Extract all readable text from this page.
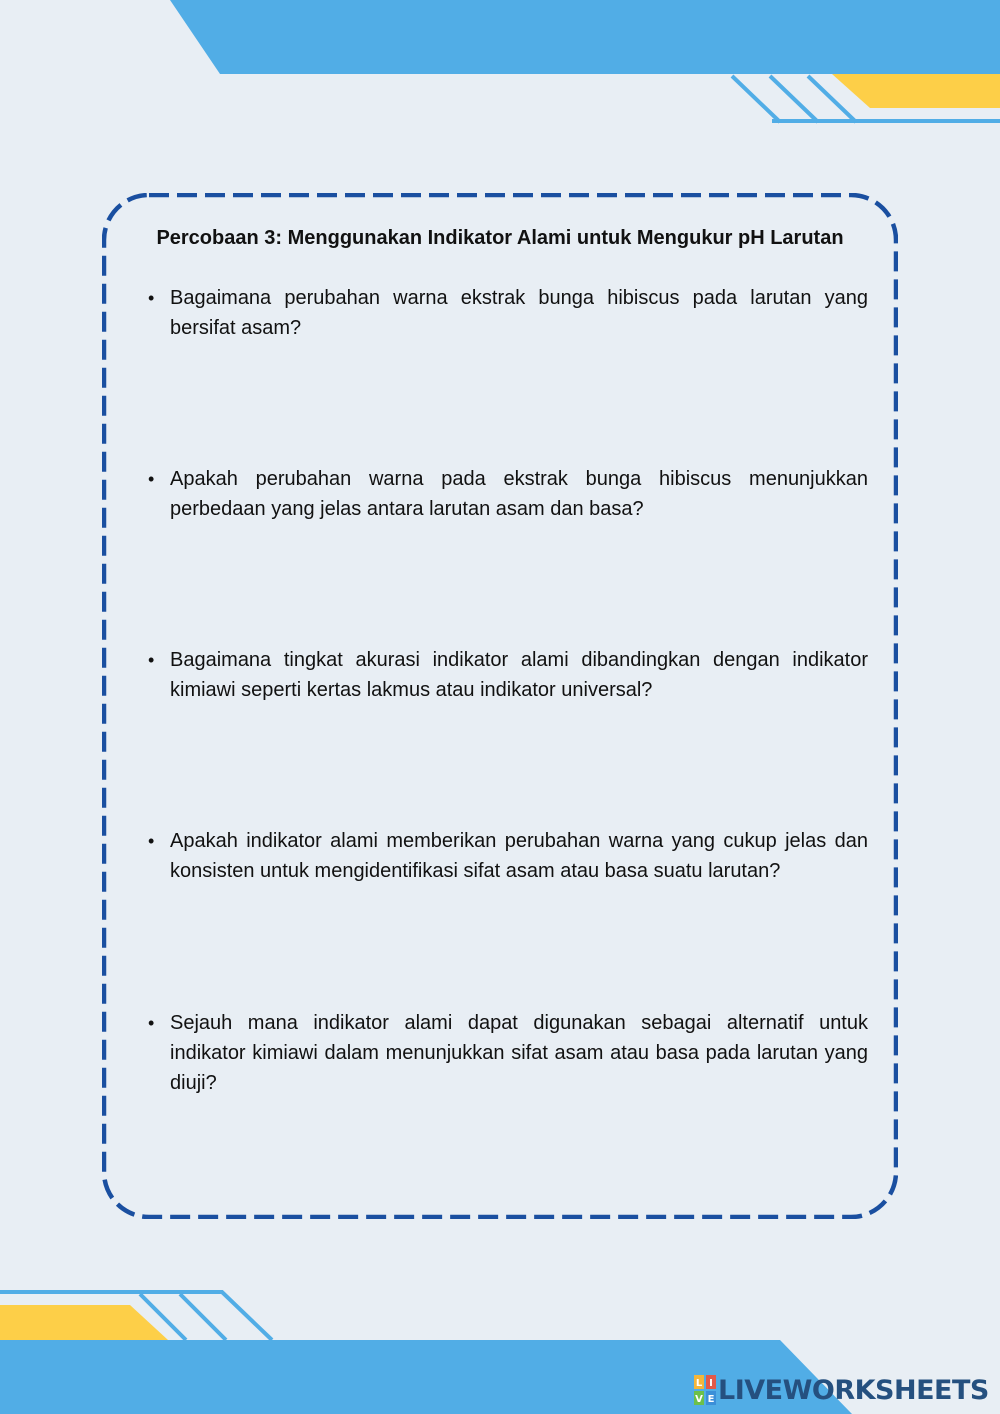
Percobaan 3: Menggunakan Indikator Alami untuk Mengukur pH Larutan
•
Bagaimana perubahan warna ekstrak bunga hibiscus pada larutan yang bersifat asam?
•
Apakah perubahan warna pada ekstrak bunga hibiscus menunjukkan perbedaan yang jelas antara larutan asam dan basa?
•
Bagaimana tingkat akurasi indikator alami dibandingkan dengan indikator kimiawi seperti kertas lakmus atau indikator universal?
•
Apakah indikator alami memberikan perubahan warna yang cukup jelas dan konsisten untuk mengidentifikasi sifat asam atau basa suatu larutan?
•
Sejauh mana indikator alami dapat digunakan sebagai alternatif untuk indikator kimiawi dalam menunjukkan sifat asam atau basa pada larutan yang diuji?
L I
V E LIVEWORKSHEETS
